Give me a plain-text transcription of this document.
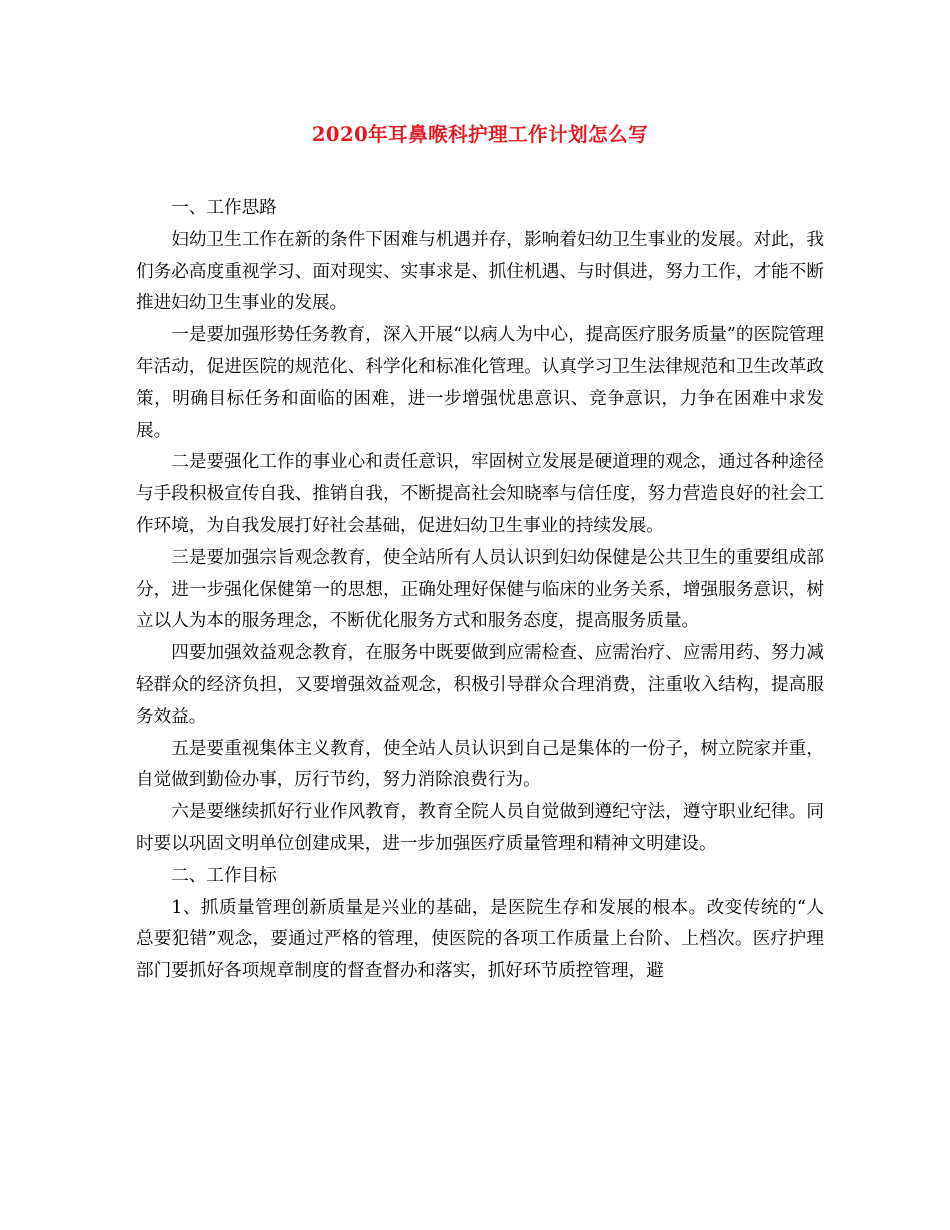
2020年耳鼻喉科护理工作计划怎么写

一、工作思路

妇幼卫生工作在新的条件下困难与机遇并存，影响着妇幼卫生事业的发展。对此，我们务必高度重视学习、面对现实、实事求是、抓住机遇、与时俱进，努力工作，才能不断推进妇幼卫生事业的发展。

一是要加强形势任务教育，深入开展“以病人为中心，提高医疗服务质量”的医院管理年活动，促进医院的规范化、科学化和标准化管理。认真学习卫生法律规范和卫生改革政策，明确目标任务和面临的困难，进一步增强忧患意识、竞争意识，力争在困难中求发展。

二是要强化工作的事业心和责任意识，牢固树立发展是硬道理的观念，通过各种途径与手段积极宣传自我、推销自我，不断提高社会知晓率与信任度，努力营造良好的社会工作环境，为自我发展打好社会基础，促进妇幼卫生事业的持续发展。

三是要加强宗旨观念教育，使全站所有人员认识到妇幼保健是公共卫生的重要组成部分，进一步强化保健第一的思想，正确处理好保健与临床的业务关系，增强服务意识，树立以人为本的服务理念，不断优化服务方式和服务态度，提高服务质量。

四要加强效益观念教育，在服务中既要做到应需检查、应需治疗、应需用药、努力减轻群众的经济负担，又要增强效益观念，积极引导群众合理消费，注重收入结构，提高服务效益。

五是要重视集体主义教育，使全站人员认识到自己是集体的一份子，树立院家并重，自觉做到勤俭办事，厉行节约，努力消除浪费行为。

六是要继续抓好行业作风教育，教育全院人员自觉做到遵纪守法，遵守职业纪律。同时要以巩固文明单位创建成果，进一步加强医疗质量管理和精神文明建设。

二、工作目标

1、抓质量管理创新质量是兴业的基础，是医院生存和发展的根本。改变传统的“人总要犯错”观念，要通过严格的管理，使医院的各项工作质量上台阶、上档次。医疗护理部门要抓好各项规章制度的督查督办和落实，抓好环节质控管理，避
